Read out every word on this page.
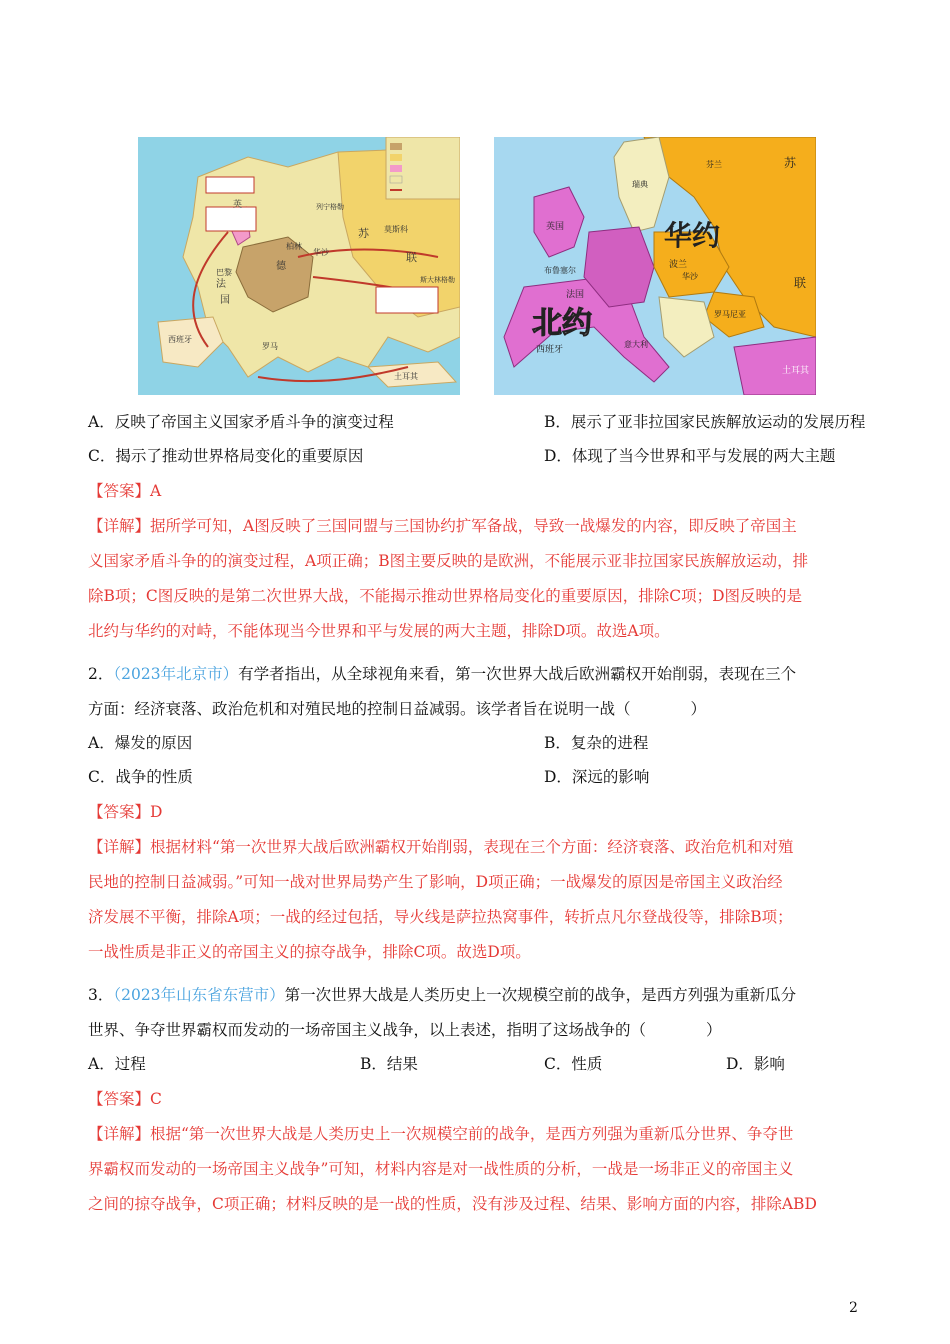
英
德
苏
联
法
国
柏林
华沙
莫斯科
列宁格勒
巴黎
罗马
西班牙
土耳其
斯大林格勒
华约
北约
英国
法国
西班牙
波兰
华沙
罗马尼亚
苏
联
土耳其
布鲁塞尔
意大利
瑞典
芬兰
A．反映了帝国主义国家矛盾斗争的演变过程	B．展示了亚非拉国家民族解放运动的发展历程
C．揭示了推动世界格局变化的重要原因	D．体现了当今世界和平与发展的两大主题
【答案】A
【详解】据所学可知，A图反映了三国同盟与三国协约扩军备战，导致一战爆发的内容，即反映了帝国主
义国家矛盾斗争的的演变过程，A项正确；B图主要反映的是欧洲，不能展示亚非拉国家民族解放运动，排
除B项；C图反映的是第二次世界大战，不能揭示推动世界格局变化的重要原因，排除C项；D图反映的是
北约与华约的对峙，不能体现当今世界和平与发展的两大主题，排除D项。故选A项。
2．（2023年北京市）有学者指出，从全球视角来看，第一次世界大战后欧洲霸权开始削弱，表现在三个
方面：经济衰落、政治危机和对殖民地的控制日益减弱。该学者旨在说明一战（	）
A．爆发的原因	B．复杂的进程
C．战争的性质	D．深远的影响
【答案】D
【详解】根据材料“第一次世界大战后欧洲霸权开始削弱，表现在三个方面：经济衰落、政治危机和对殖
民地的控制日益减弱。”可知一战对世界局势产生了影响，D项正确；一战爆发的原因是帝国主义政治经
济发展不平衡，排除A项；一战的经过包括，导火线是萨拉热窝事件，转折点凡尔登战役等，排除B项；
一战性质是非正义的帝国主义的掠夺战争，排除C项。故选D项。
3．（2023年山东省东营市）第一次世界大战是人类历史上一次规模空前的战争，是西方列强为重新瓜分
世界、争夺世界霸权而发动的一场帝国主义战争，以上表述，指明了这场战争的（	）
A．过程	B．结果	C．性质	D．影响
【答案】C
【详解】根据“第一次世界大战是人类历史上一次规模空前的战争，是西方列强为重新瓜分世界、争夺世
界霸权而发动的一场帝国主义战争”可知，材料内容是对一战性质的分析，一战是一场非正义的帝国主义
之间的掠夺战争，C项正确；材料反映的是一战的性质，没有涉及过程、结果、影响方面的内容，排除ABD
2
